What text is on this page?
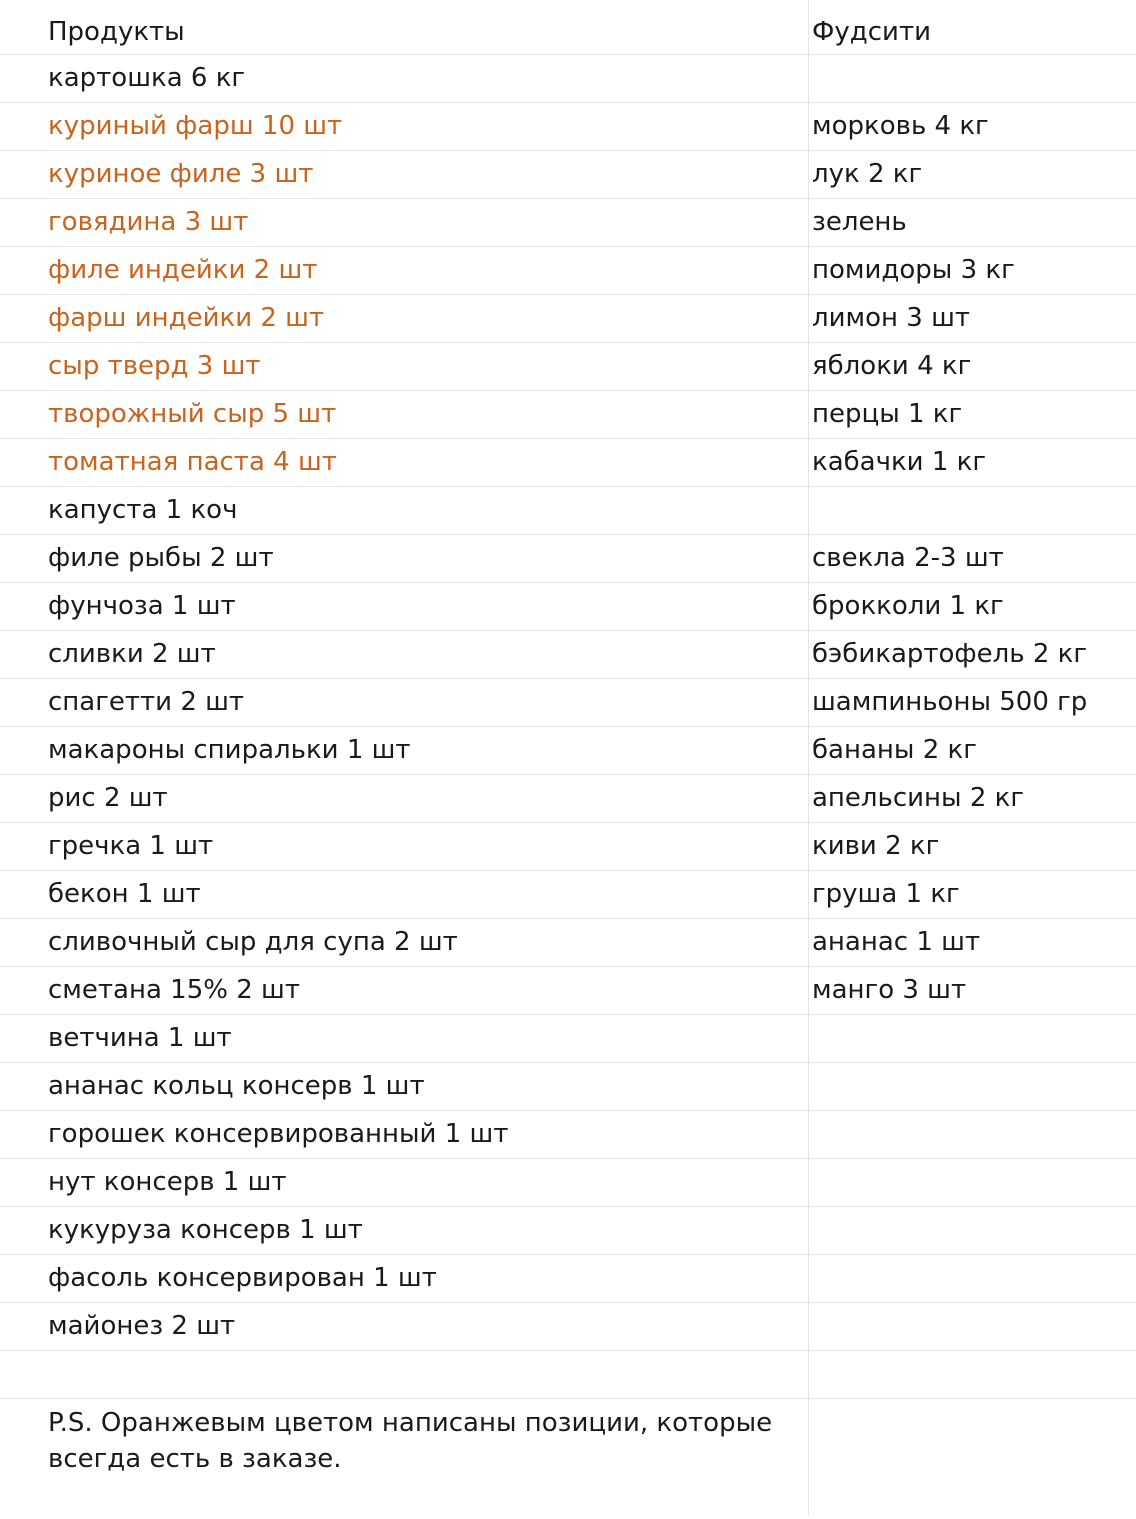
Продукты	Фудсити
картошка 6 кг
куриный фарш 10 шт	морковь 4 кг
куриное филе 3 шт	лук 2 кг
говядина 3 шт	зелень
филе индейки 2 шт	помидоры 3 кг
фарш индейки 2 шт	лимон 3 шт
сыр тверд 3 шт	яблоки 4 кг
творожный сыр 5 шт	перцы 1 кг
томатная паста 4 шт	кабачки 1 кг
капуста 1 коч
филе рыбы 2 шт	свекла 2-3 шт
фунчоза 1 шт	брокколи 1 кг
сливки 2 шт	бэбикартофель 2 кг
спагетти 2 шт	шампиньоны 500 гр
макароны спиральки 1 шт	бананы 2 кг
рис 2 шт	апельсины 2 кг
гречка 1 шт	киви 2 кг
бекон 1 шт	груша 1 кг
сливочный сыр для супа 2 шт	ананас 1 шт
сметана 15% 2 шт	манго 3 шт
ветчина 1 шт
ананас кольц консерв 1 шт
горошек консервированный 1 шт
нут консерв 1 шт
кукуруза консерв 1 шт
фасоль консервирован 1 шт
майонез 2 шт
P.S. Оранжевым цветом написаны позиции, которые всегда есть в заказе.
